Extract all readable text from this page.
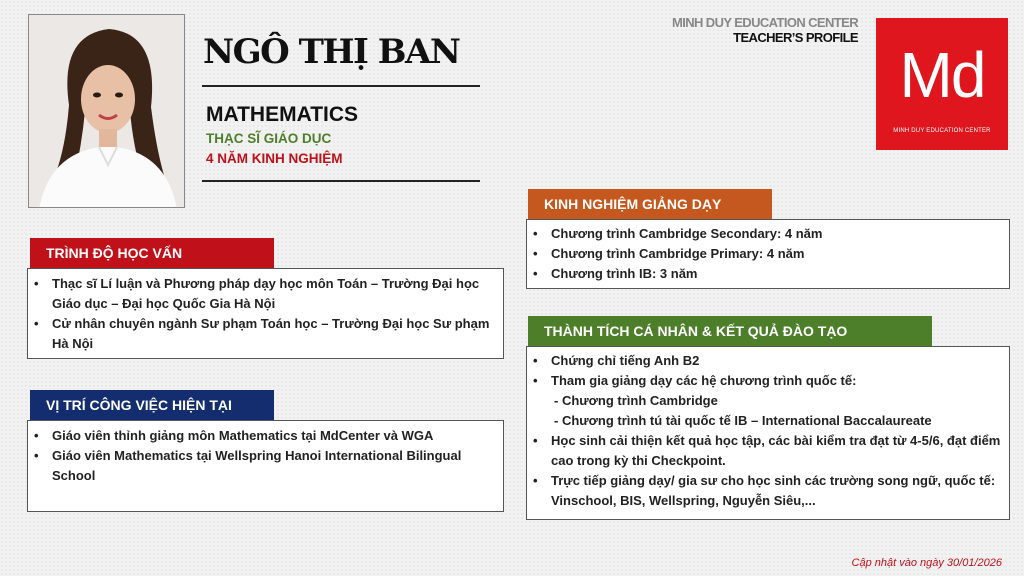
NGÔ THỊ BAN
MATHEMATICS
THẠC SĨ GIÁO DỤC
4 NĂM KINH NGHIỆM
MINH DUY EDUCATION CENTER
TEACHER’S PROFILE
Md
MINH DUY EDUCATION CENTER
TRÌNH ĐỘ HỌC VẤN
• Thạc sĩ Lí luận và Phương pháp dạy học môn Toán – Trường Đại học Giáo dục – Đại học Quốc Gia Hà Nội
• Cử nhân chuyên ngành Sư phạm Toán học – Trường Đại học Sư phạm Hà Nội
VỊ TRÍ CÔNG VIỆC HIỆN TẠI
• Giáo viên thỉnh giảng môn Mathematics tại MdCenter và WGA
• Giáo viên Mathematics tại Wellspring Hanoi International Bilingual School
KINH NGHIỆM GIẢNG DẠY
• Chương trình Cambridge Secondary: 4 năm
• Chương trình Cambridge Primary: 4 năm
• Chương trình IB: 3 năm
THÀNH TÍCH CÁ NHÂN & KẾT QUẢ ĐÀO TẠO
• Chứng chỉ tiếng Anh B2
• Tham gia giảng dạy các hệ chương trình quốc tế:
- Chương trình Cambridge
- Chương trình tú tài quốc tế IB – International Baccalaureate
• Học sinh cải thiện kết quả học tập, các bài kiểm tra đạt từ 4-5/6, đạt điểm cao trong kỳ thi Checkpoint.
• Trực tiếp giảng dạy/ gia sư cho học sinh các trường song ngữ, quốc tế: Vinschool, BIS, Wellspring, Nguyễn Siêu,...
Cập nhật vào ngày 30/01/2026
